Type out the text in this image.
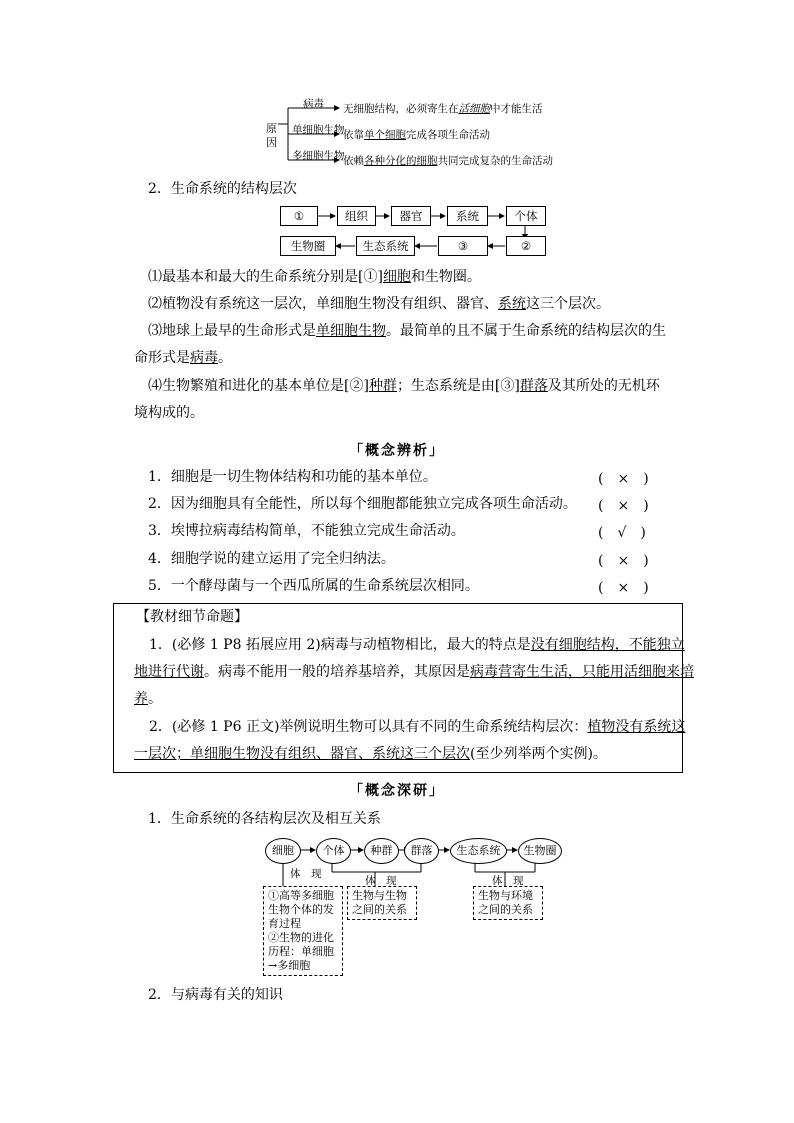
原
因
病毒 无细胞结构，必须寄生在活细胞中才能生活
单细胞生物
依靠单个细胞完成各项生命活动
多细胞生物
依赖各种分化的细胞共同完成复杂的生命活动
2．生命系统的结构层次
①	组织	器官	系统	个体
生物圈	生态系统	③	②
⑴最基本和最大的生命系统分别是[①]细胞和生物圈。
⑵植物没有系统这一层次，单细胞生物没有组织、器官、系统这三个层次。
⑶地球上最早的生命形式是单细胞生物。最简单的且不属于生命系统的结构层次的生
命形式是病毒。
⑷生物繁殖和进化的基本单位是[②]种群；生态系统是由[③]群落及其所处的无机环
境构成的。
「概念辨析」
1．细胞是一切生物体结构和功能的基本单位。	(　×　)
2．因为细胞具有全能性，所以每个细胞都能独立完成各项生命活动。 (　×　)
3．埃博拉病毒结构简单，不能独立完成生命活动。	(　√　)
4．细胞学说的建立运用了完全归纳法。	(　×　)
5．一个酵母菌与一个西瓜所属的生命系统层次相同。	(　×　)
【教材细节命题】
1．(必修 1 P8 拓展应用 2)病毒与动植物相比，最大的特点是没有细胞结构，不能独立
地进行代谢。病毒不能用一般的培养基培养，其原因是病毒营寄生生活，只能用活细胞来培
养。
2．(必修 1 P6 正文)举例说明生物可以具有不同的生命系统结构层次：植物没有系统这
一层次；单细胞生物没有组织、器官、系统这三个层次(至少列举两个实例)。
「概念深研」
1．生命系统的各结构层次及相互关系
细胞	个体	种群	群落	生态系统	生物圈
体　现
体　现	体　现
①高等多细胞
生物个体的发
育过程
②生物的进化
历程：单细胞
→多细胞
生物与生物
之间的关系
生物与环境
之间的关系
2．与病毒有关的知识
